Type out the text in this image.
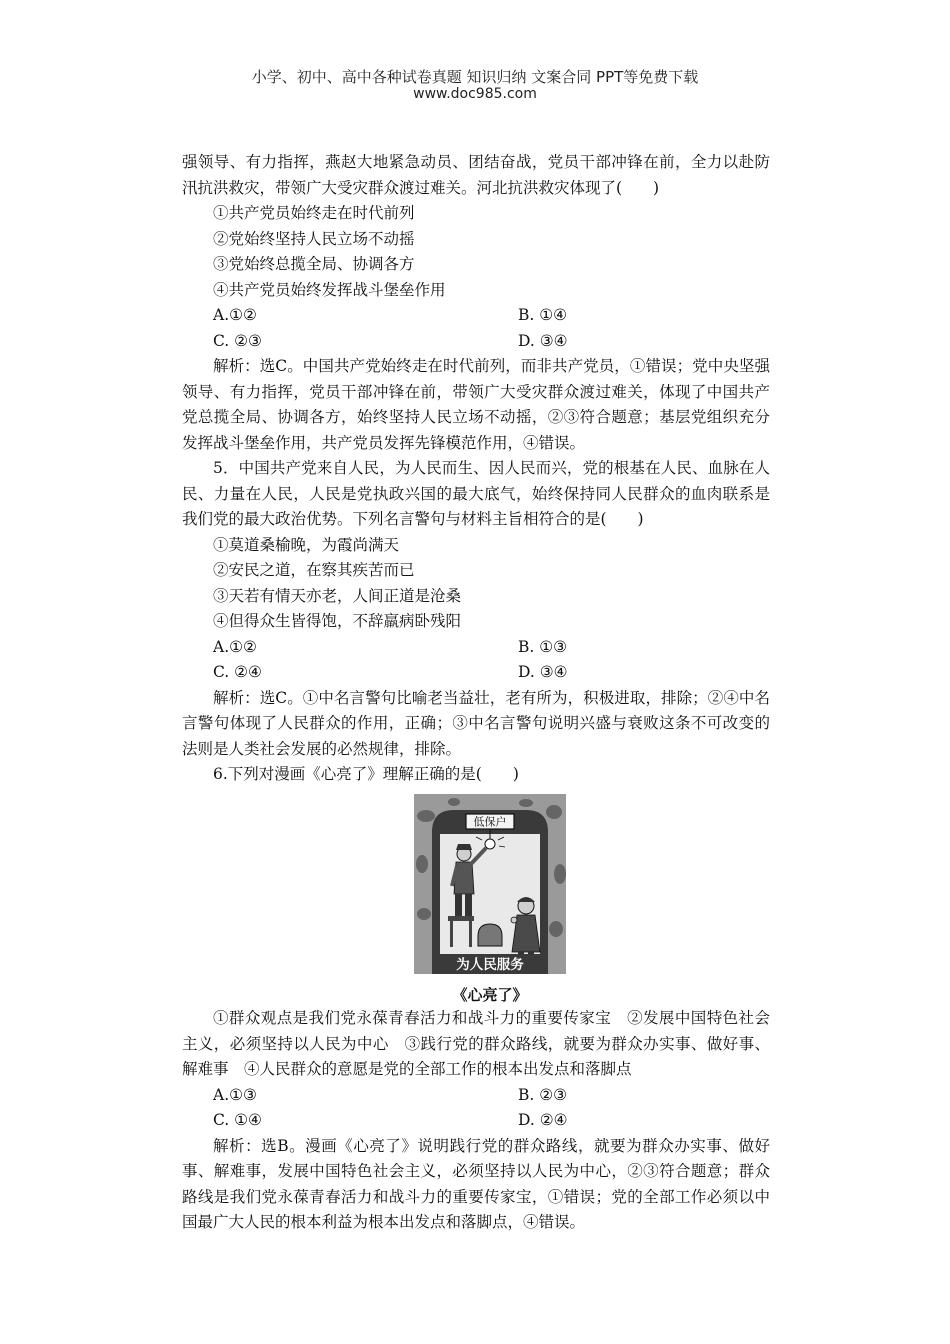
小学、初中、高中各种试卷真题 知识归纳 文案合同 PPT等免费下载
www.doc985.com

强领导、有力指挥，燕赵大地紧急动员、团结奋战，党员干部冲锋在前，全力以赴防汛抗洪救灾，带领广大受灾群众渡过难关。河北抗洪救灾体现了(　　)

①共产党员始终走在时代前列

②党始终坚持人民立场不动摇

③党始终总揽全局、协调各方

④共产党员始终发挥战斗堡垒作用

A.①②	B. ①④
C. ②③	D. ③④

解析：选C。中国共产党始终走在时代前列，而非共产党员，①错误；党中央坚强领导、有力指挥，党员干部冲锋在前，带领广大受灾群众渡过难关，体现了中国共产党总揽全局、协调各方，始终坚持人民立场不动摇，②③符合题意；基层党组织充分发挥战斗堡垒作用，共产党员发挥先锋模范作用，④错误。

5．中国共产党来自人民，为人民而生、因人民而兴，党的根基在人民、血脉在人民、力量在人民，人民是党执政兴国的最大底气，始终保持同人民群众的血肉联系是我们党的最大政治优势。下列名言警句与材料主旨相符合的是(　　)

①莫道桑榆晚，为霞尚满天

②安民之道，在察其疾苦而已

③天若有情天亦老，人间正道是沧桑

④但得众生皆得饱，不辞羸病卧残阳

A.①②	B. ①③
C. ②④	D. ③④

解析：选C。①中名言警句比喻老当益壮，老有所为，积极进取，排除；②④中名言警句体现了人民群众的作用，正确；③中名言警句说明兴盛与衰败这条不可改变的法则是人类社会发展的必然规律，排除。

6.下列对漫画《心亮了》理解正确的是(　　)

低保户
为人民服务
《心亮了》

①群众观点是我们党永葆青春活力和战斗力的重要传家宝　②发展中国特色社会主义，必须坚持以人民为中心　③践行党的群众路线，就要为群众办实事、做好事、解难事　④人民群众的意愿是党的全部工作的根本出发点和落脚点

A.①③	B. ②③
C. ①④	D. ②④

解析：选B。漫画《心亮了》说明践行党的群众路线，就要为群众办实事、做好事、解难事，发展中国特色社会主义，必须坚持以人民为中心，②③符合题意；群众路线是我们党永葆青春活力和战斗力的重要传家宝，①错误；党的全部工作必须以中国最广大人民的根本利益为根本出发点和落脚点，④错误。
